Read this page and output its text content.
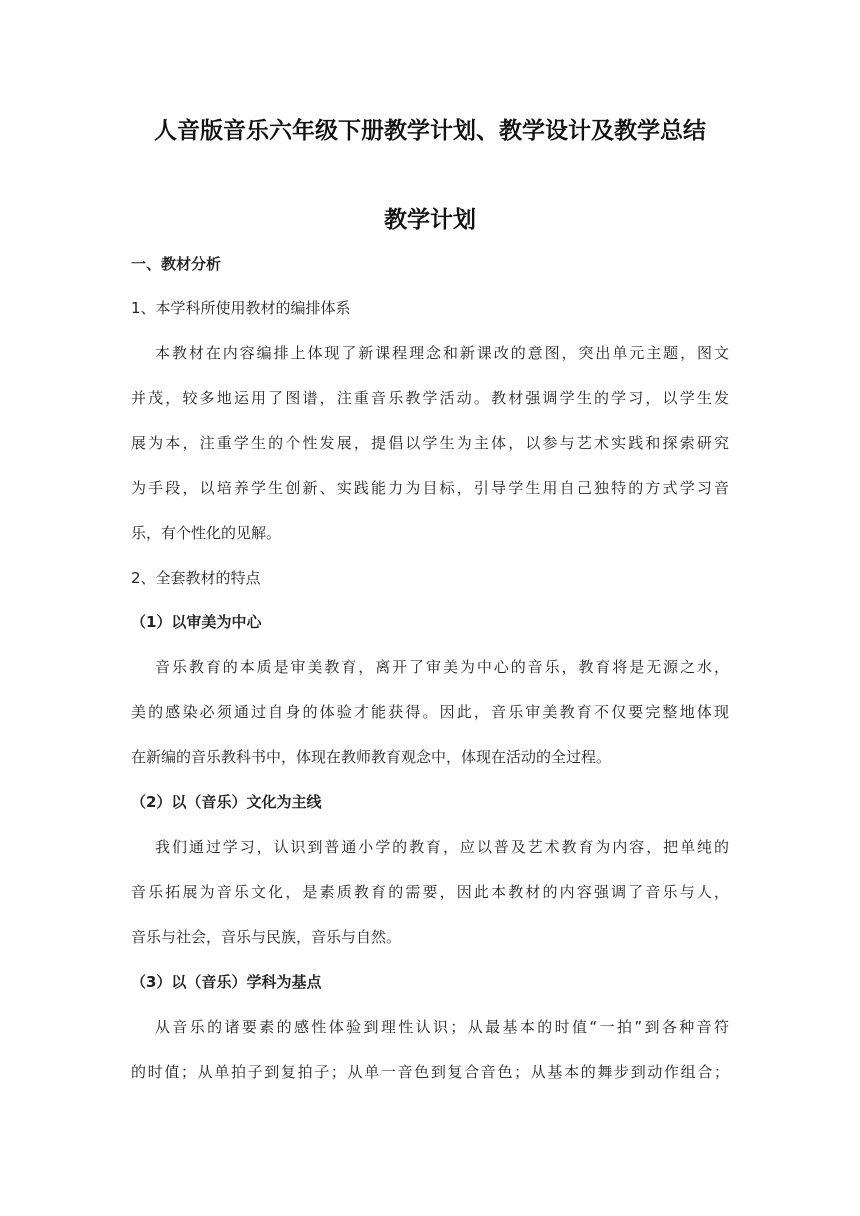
人音版音乐六年级下册教学计划、教学设计及教学总结
教学计划
一、教材分析
1、本学科所使用教材的编排体系
本教材在内容编排上体现了新课程理念和新课改的意图，突出单元主题，图文
并茂，较多地运用了图谱，注重音乐教学活动。教材强调学生的学习，以学生发
展为本，注重学生的个性发展，提倡以学生为主体，以参与艺术实践和探索研究
为手段，以培养学生创新、实践能力为目标，引导学生用自己独特的方式学习音
乐，有个性化的见解。
2、全套教材的特点
（1）以审美为中心
音乐教育的本质是审美教育，离开了审美为中心的音乐，教育将是无源之水，
美的感染必须通过自身的体验才能获得。因此，音乐审美教育不仅要完整地体现
在新编的音乐教科书中，体现在教师教育观念中，体现在活动的全过程。
（2）以（音乐）文化为主线
我们通过学习，认识到普通小学的教育，应以普及艺术教育为内容，把单纯的
音乐拓展为音乐文化，是素质教育的需要，因此本教材的内容强调了音乐与人，
音乐与社会，音乐与民族，音乐与自然。
（3）以（音乐）学科为基点
从音乐的诸要素的感性体验到理性认识；从最基本的时值“一拍”到各种音符
的时值；从单拍子到复拍子；从单一音色到复合音色；从基本的舞步到动作组合；
